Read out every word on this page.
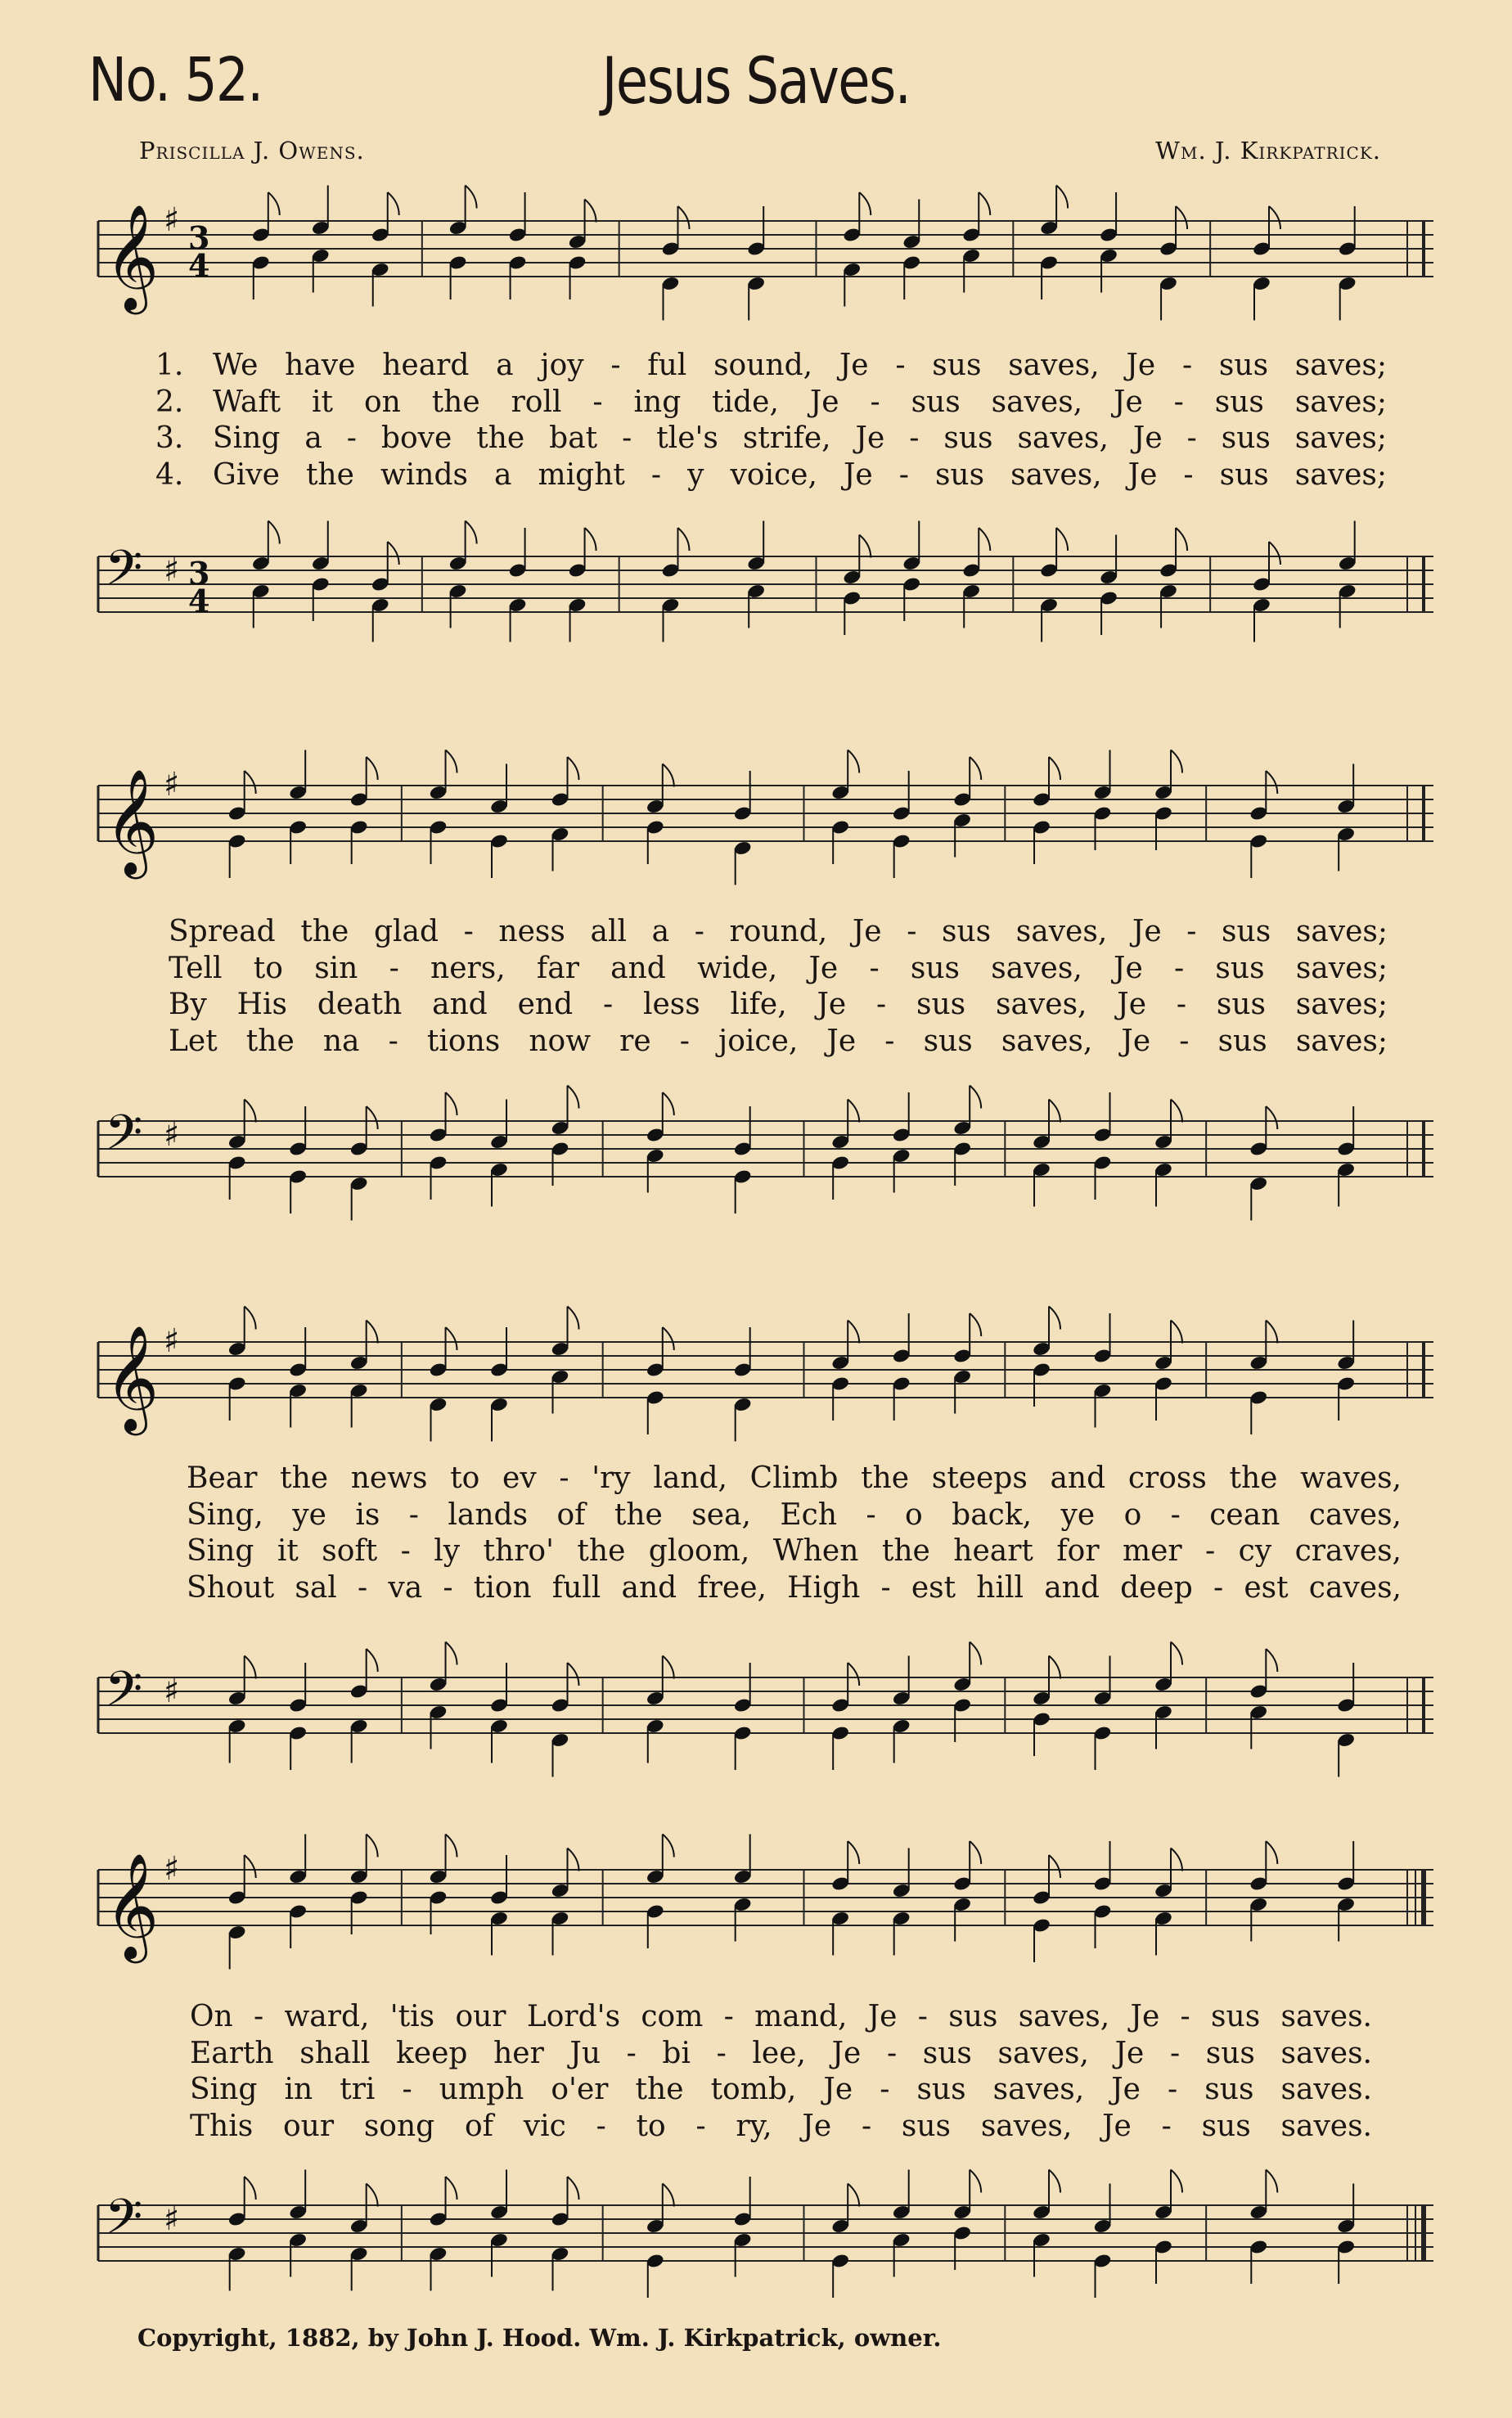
No. 52.	Jesus Saves.
Priscilla J. Owens.	Wm. J. Kirkpatrick.
𝄞 ♯ 3
4
𝄢 ♯ 3
4
1. We have heard a joy - ful sound, Je - sus saves, Je - sus saves;
2. Waft it on the roll - ing tide, Je - sus saves, Je - sus saves;
3. Sing a - bove the bat - tle's strife, Je - sus saves, Je - sus saves;
4. Give the winds a might - y voice, Je - sus saves, Je - sus saves;
𝄞 ♯
𝄢 ♯
Spread the glad - ness all a - round, Je - sus saves, Je - sus saves;
Tell to sin - ners, far and wide, Je - sus saves, Je - sus saves;
By His death and end - less life, Je - sus saves, Je - sus saves;
Let the na - tions now re - joice, Je - sus saves, Je - sus saves;
𝄞 ♯
𝄢 ♯
Bear the news to ev - 'ry land, Climb the steeps and cross the waves,
Sing, ye is - lands of the sea, Ech - o back, ye o - cean caves,
Sing it soft - ly thro' the gloom, When the heart for mer - cy craves,
Shout sal - va - tion full and free, High - est hill and deep - est caves,
𝄞 ♯
𝄢 ♯
On - ward, 'tis our Lord's com - mand, Je - sus saves, Je - sus saves.
Earth shall keep her Ju - bi - lee, Je - sus saves, Je - sus saves.
Sing in tri - umph o'er the tomb, Je - sus saves, Je - sus saves.
This our song of vic - to - ry, Je - sus saves, Je - sus saves.
Copyright, 1882, by John J. Hood. Wm. J. Kirkpatrick, owner.
